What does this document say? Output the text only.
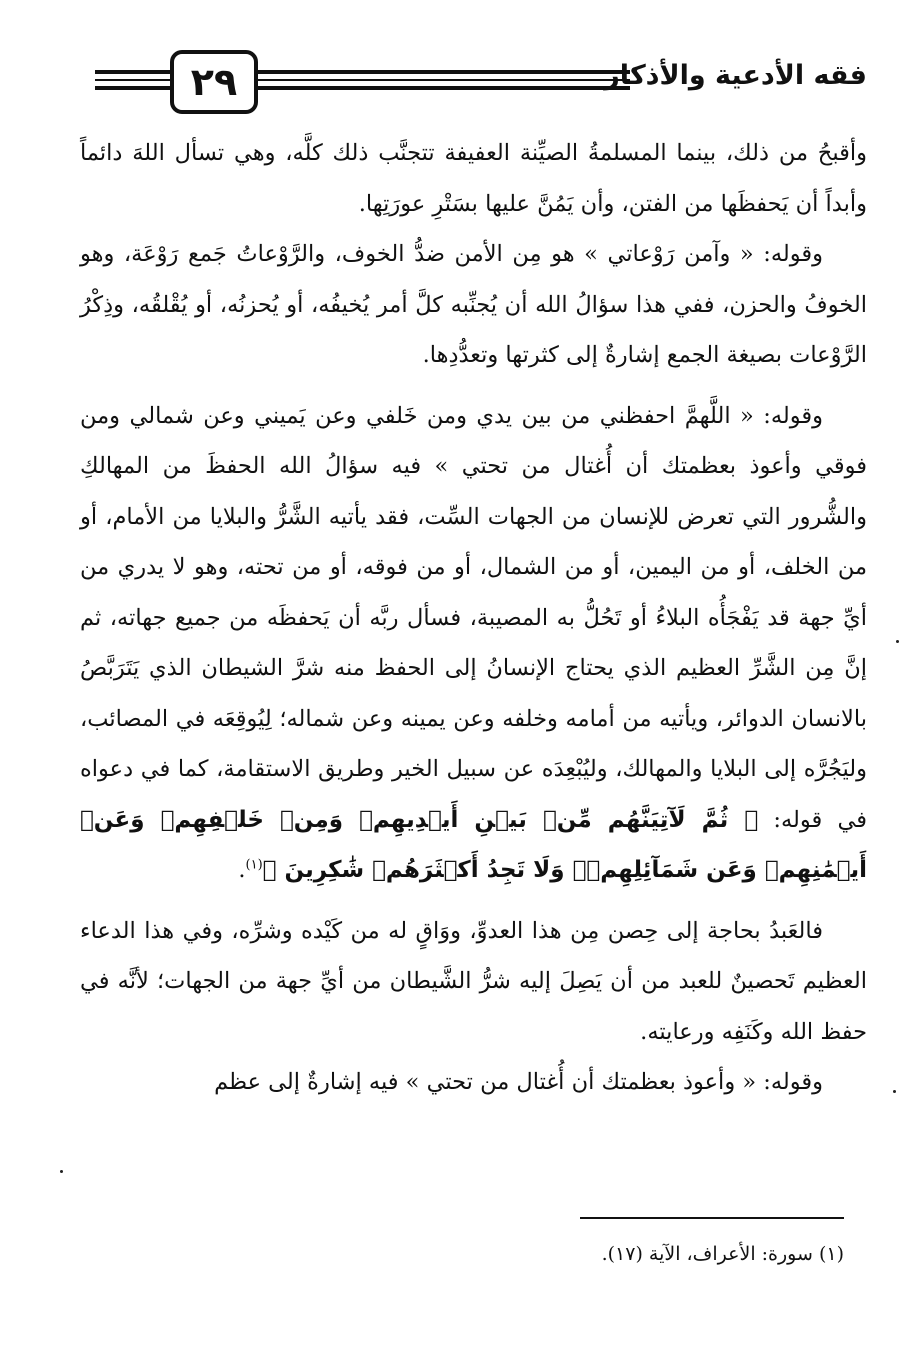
٢٩	فقه الأدعية والأذكار

وأقبحُ من ذلك، بينما المسلمةُ الصيِّنة العفيفة تتجنَّب ذلك كلَّه، وهي تسأل اللهَ دائماً وأبداً أن يَحفظَها من الفتن، وأن يَمُنَّ عليها بسَتْرِ عورَتِها.

وقوله: « وآمن رَوْعاتي » هو مِن الأمن ضدُّ الخوف، والرَّوْعاتُ جَمع رَوْعَة، وهو الخوفُ والحزن، ففي هذا سؤالُ الله أن يُجنِّبه كلَّ أمر يُخيفُه، أو يُحزنُه، أو يُقْلقُه، وذِكْرُ الرَّوْعات بصيغة الجمع إشارةٌ إلى كثرتها وتعدُّدِها.

وقوله: « اللَّهمَّ احفظني من بين يدي ومن خَلفي وعن يَميني وعن شمالي ومن فوقي وأعوذ بعظمتك أن أُغتال من تحتي » فيه سؤالُ الله الحفظَ من المهالكِ والشُّرور التي تعرض للإنسان من الجهات السِّت، فقد يأتيه الشَّرُّ والبلايا من الأمام، أو من الخلف، أو من اليمين، أو من الشمال، أو من فوقه، أو من تحته، وهو لا يدري من أيِّ جهة قد يَفْجَأُه البلاءُ أو تَحُلُّ به المصيبة، فسأل ربَّه أن يَحفظَه من جميع جهاته، ثم إنَّ مِن الشَّرِّ العظيم الذي يحتاج الإنسانُ إلى الحفظ منه شرَّ الشيطان الذي يَتَرَبَّصُ بالانسان الدوائر، ويأتيه من أمامه وخلفه وعن يمينه وعن شماله؛ لِيُوقِعَه في المصائب، وليَجُرَّه إلى البلايا والمهالك، وليُبْعِدَه عن سبيل الخير وطريق الاستقامة، كما في دعواه في قوله: ﴿ ثُمَّ لَآتِيَنَّهُم مِّنۢ بَيۡنِ أَيۡدِيهِمۡ وَمِنۡ خَلۡفِهِمۡ وَعَنۡ أَيۡمَٰنِهِمۡ وَعَن شَمَآئِلِهِمۡۖ وَلَا تَجِدُ أَكۡثَرَهُمۡ شَٰكِرِينَ ﴾$^{(١)}$.

فالعَبدُ بحاجة إلى حِصن مِن هذا العدوِّ، ووَاقٍ له من كَيْده وشرِّه، وفي هذا الدعاء العظيم تَحصينٌ للعبد من أن يَصِلَ إليه شرُّ الشَّيطان من أيِّ جهة من الجهات؛ لأنَّه في حفظ الله وكَنَفِه ورعايته.

وقوله: « وأعوذ بعظمتك أن أُغتال من تحتي » فيه إشارةٌ إلى عظم

(١) سورة: الأعراف، الآية (١٧).
